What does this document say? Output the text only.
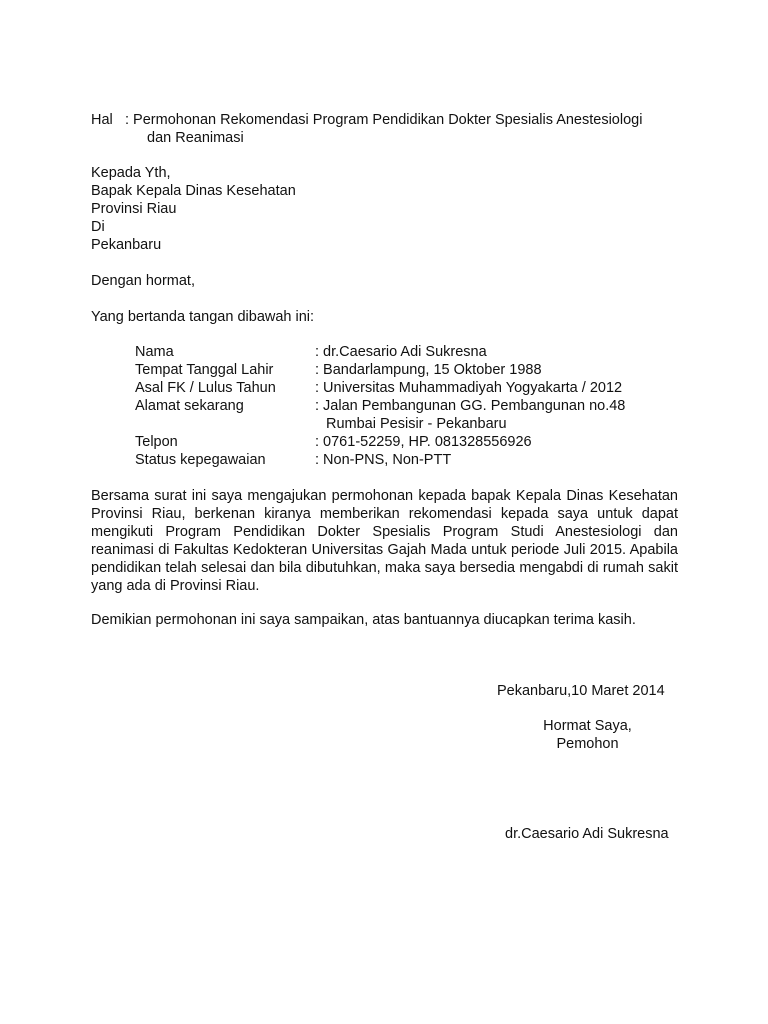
Hal : Permohonan Rekomendasi Program Pendidikan Dokter Spesialis Anestesiologi
dan Reanimasi
Kepada Yth,
Bapak Kepala Dinas Kesehatan
Provinsi Riau
Di
Pekanbaru
Dengan hormat,
Yang bertanda tangan dibawah ini:
Nama	: dr.Caesario Adi Sukresna
Tempat Tanggal Lahir	: Bandarlampung, 15 Oktober 1988
Asal FK / Lulus Tahun	: Universitas Muhammadiyah Yogyakarta / 2012
Alamat sekarang	: Jalan Pembangunan GG. Pembangunan no.48
Rumbai Pesisir - Pekanbaru
Telpon	: 0761-52259, HP. 081328556926
Status kepegawaian	: Non-PNS, Non-PTT
Bersama surat ini saya mengajukan permohonan kepada bapak Kepala Dinas Kesehatan Provinsi Riau, berkenan kiranya memberikan rekomendasi kepada saya untuk dapat mengikuti Program Pendidikan Dokter Spesialis Program Studi Anestesiologi dan reanimasi di Fakultas Kedokteran Universitas Gajah Mada untuk periode Juli 2015. Apabila pendidikan telah selesai dan bila dibutuhkan, maka saya bersedia mengabdi di rumah sakit yang ada di Provinsi Riau.
Demikian permohonan ini saya sampaikan, atas bantuannya diucapkan terima kasih.
Pekanbaru,10 Maret 2014
Hormat Saya,
Pemohon
dr.Caesario Adi Sukresna
